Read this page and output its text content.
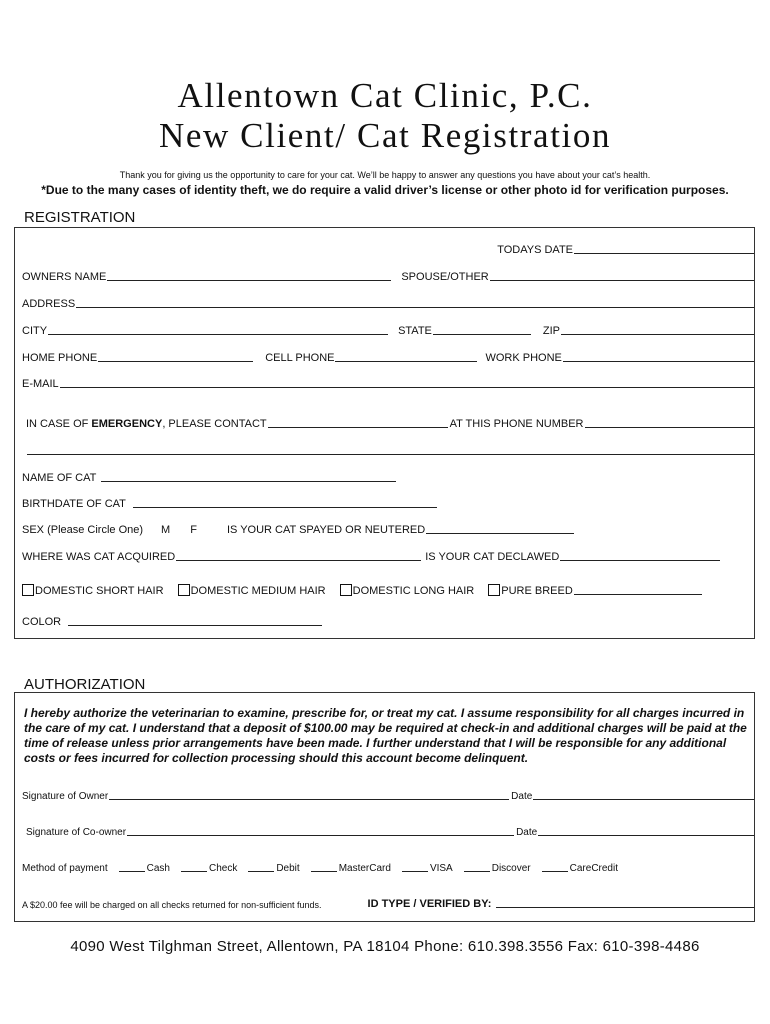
Allentown Cat Clinic, P.C.
New Client/ Cat Registration
Thank you for giving us the opportunity to care for your cat. We’ll be happy to answer any questions you have about your cat’s health.
*Due to the many cases of identity theft, we do require a valid driver’s license or other photo id for verification purposes.
REGISTRATION
TODAYS DATE
OWNERS NAME	SPOUSE/OTHER
ADDRESS
CITY	STATE	ZIP
HOME PHONE	CELL PHONE	WORK PHONE
E-MAIL
IN CASE OF EMERGENCY, PLEASE CONTACT	AT THIS PHONE NUMBER
NAME OF CAT
BIRTHDATE OF CAT
SEX (Please Circle One) M F	IS YOUR CAT SPAYED OR NEUTERED
WHERE WAS CAT ACQUIRED	IS YOUR CAT DECLAWED
DOMESTIC SHORT HAIR DOMESTIC MEDIUM HAIR DOMESTIC LONG HAIR PURE BREED
COLOR
AUTHORIZATION
I hereby authorize the veterinarian to examine, prescribe for, or treat my cat. I assume responsibility for all charges incurred in the care of my cat. I understand that a deposit of $100.00 may be required at check-in and additional charges will be paid at the time of release unless prior arrangements have been made. I further understand that I will be responsible for any additional costs or fees incurred for collection processing should this account become delinquent.
Signature of Owner	Date
Signature of Co-owner	Date
Method of payment	Cash	Check	Debit	MasterCard	VISA	Discover	CareCredit
A $20.00 fee will be charged on all checks returned for non-sufficient funds.	ID TYPE / VERIFIED BY:
4090 West Tilghman Street, Allentown, PA 18104 Phone: 610.398.3556 Fax: 610-398-4486
